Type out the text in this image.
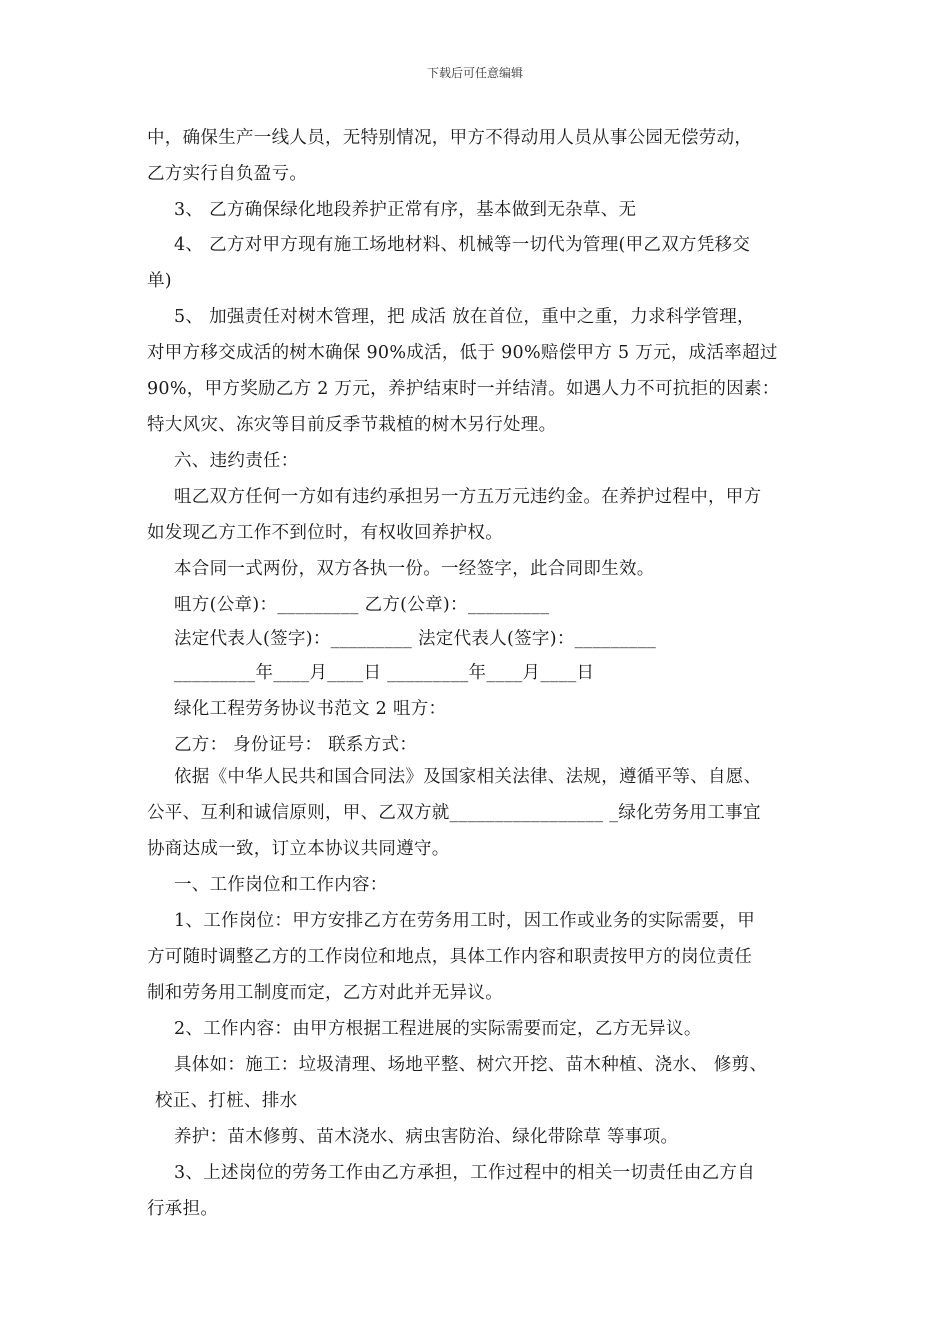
下载后可任意编辑
中，确保生产一线人员，无特别情况，甲方不得动用人员从事公园无偿劳动，
乙方实行自负盈亏。
3、 乙方确保绿化地段养护正常有序，基本做到无杂草、无
4、 乙方对甲方现有施工场地材料、机械等一切代为管理(甲乙双方凭移交
单)
5、 加强责任对树木管理，把 成活 放在首位，重中之重，力求科学管理，
对甲方移交成活的树木确保 90%成活，低于 90%赔偿甲方 5 万元，成活率超过
90%，甲方奖励乙方 2 万元，养护结束时一并结清。如遇人力不可抗拒的因素：
特大风灾、冻灾等目前反季节栽植的树木另行处理。
六、违约责任：
咀乙双方任何一方如有违约承担另一方五万元违约金。在养护过程中，甲方
如发现乙方工作不到位时，有权收回养护权。
本合同一式两份，双方各执一份。一经签字，此合同即生效。
咀方(公章)：_________ 乙方(公章)：_________
法定代表人(签字)：_________ 法定代表人(签字)：_________
_________年____月____日 _________年____月____日
绿化工程劳务协议书范文 2 咀方：
乙方： 身份证号： 联系方式：
依据《中华人民共和国合同法》及国家相关法律、法规，遵循平等、自愿、
公平、互利和诚信原则，甲、乙双方就_________________ _绿化劳务用工事宜
协商达成一致，订立本协议共同遵守。
一、工作岗位和工作内容：
1、工作岗位：甲方安排乙方在劳务用工时，因工作或业务的实际需要，甲
方可随时调整乙方的工作岗位和地点，具体工作内容和职责按甲方的岗位责任
制和劳务用工制度而定，乙方对此并无异议。
2、工作内容：由甲方根据工程进展的实际需要而定，乙方无异议。
具体如：施工：垃圾清理、场地平整、树穴开挖、苗木种植、浇水、 修剪、
校正、打桩、排水
养护：苗木修剪、苗木浇水、病虫害防治、绿化带除草 等事项。
3、上述岗位的劳务工作由乙方承担，工作过程中的相关一切责任由乙方自
行承担。
